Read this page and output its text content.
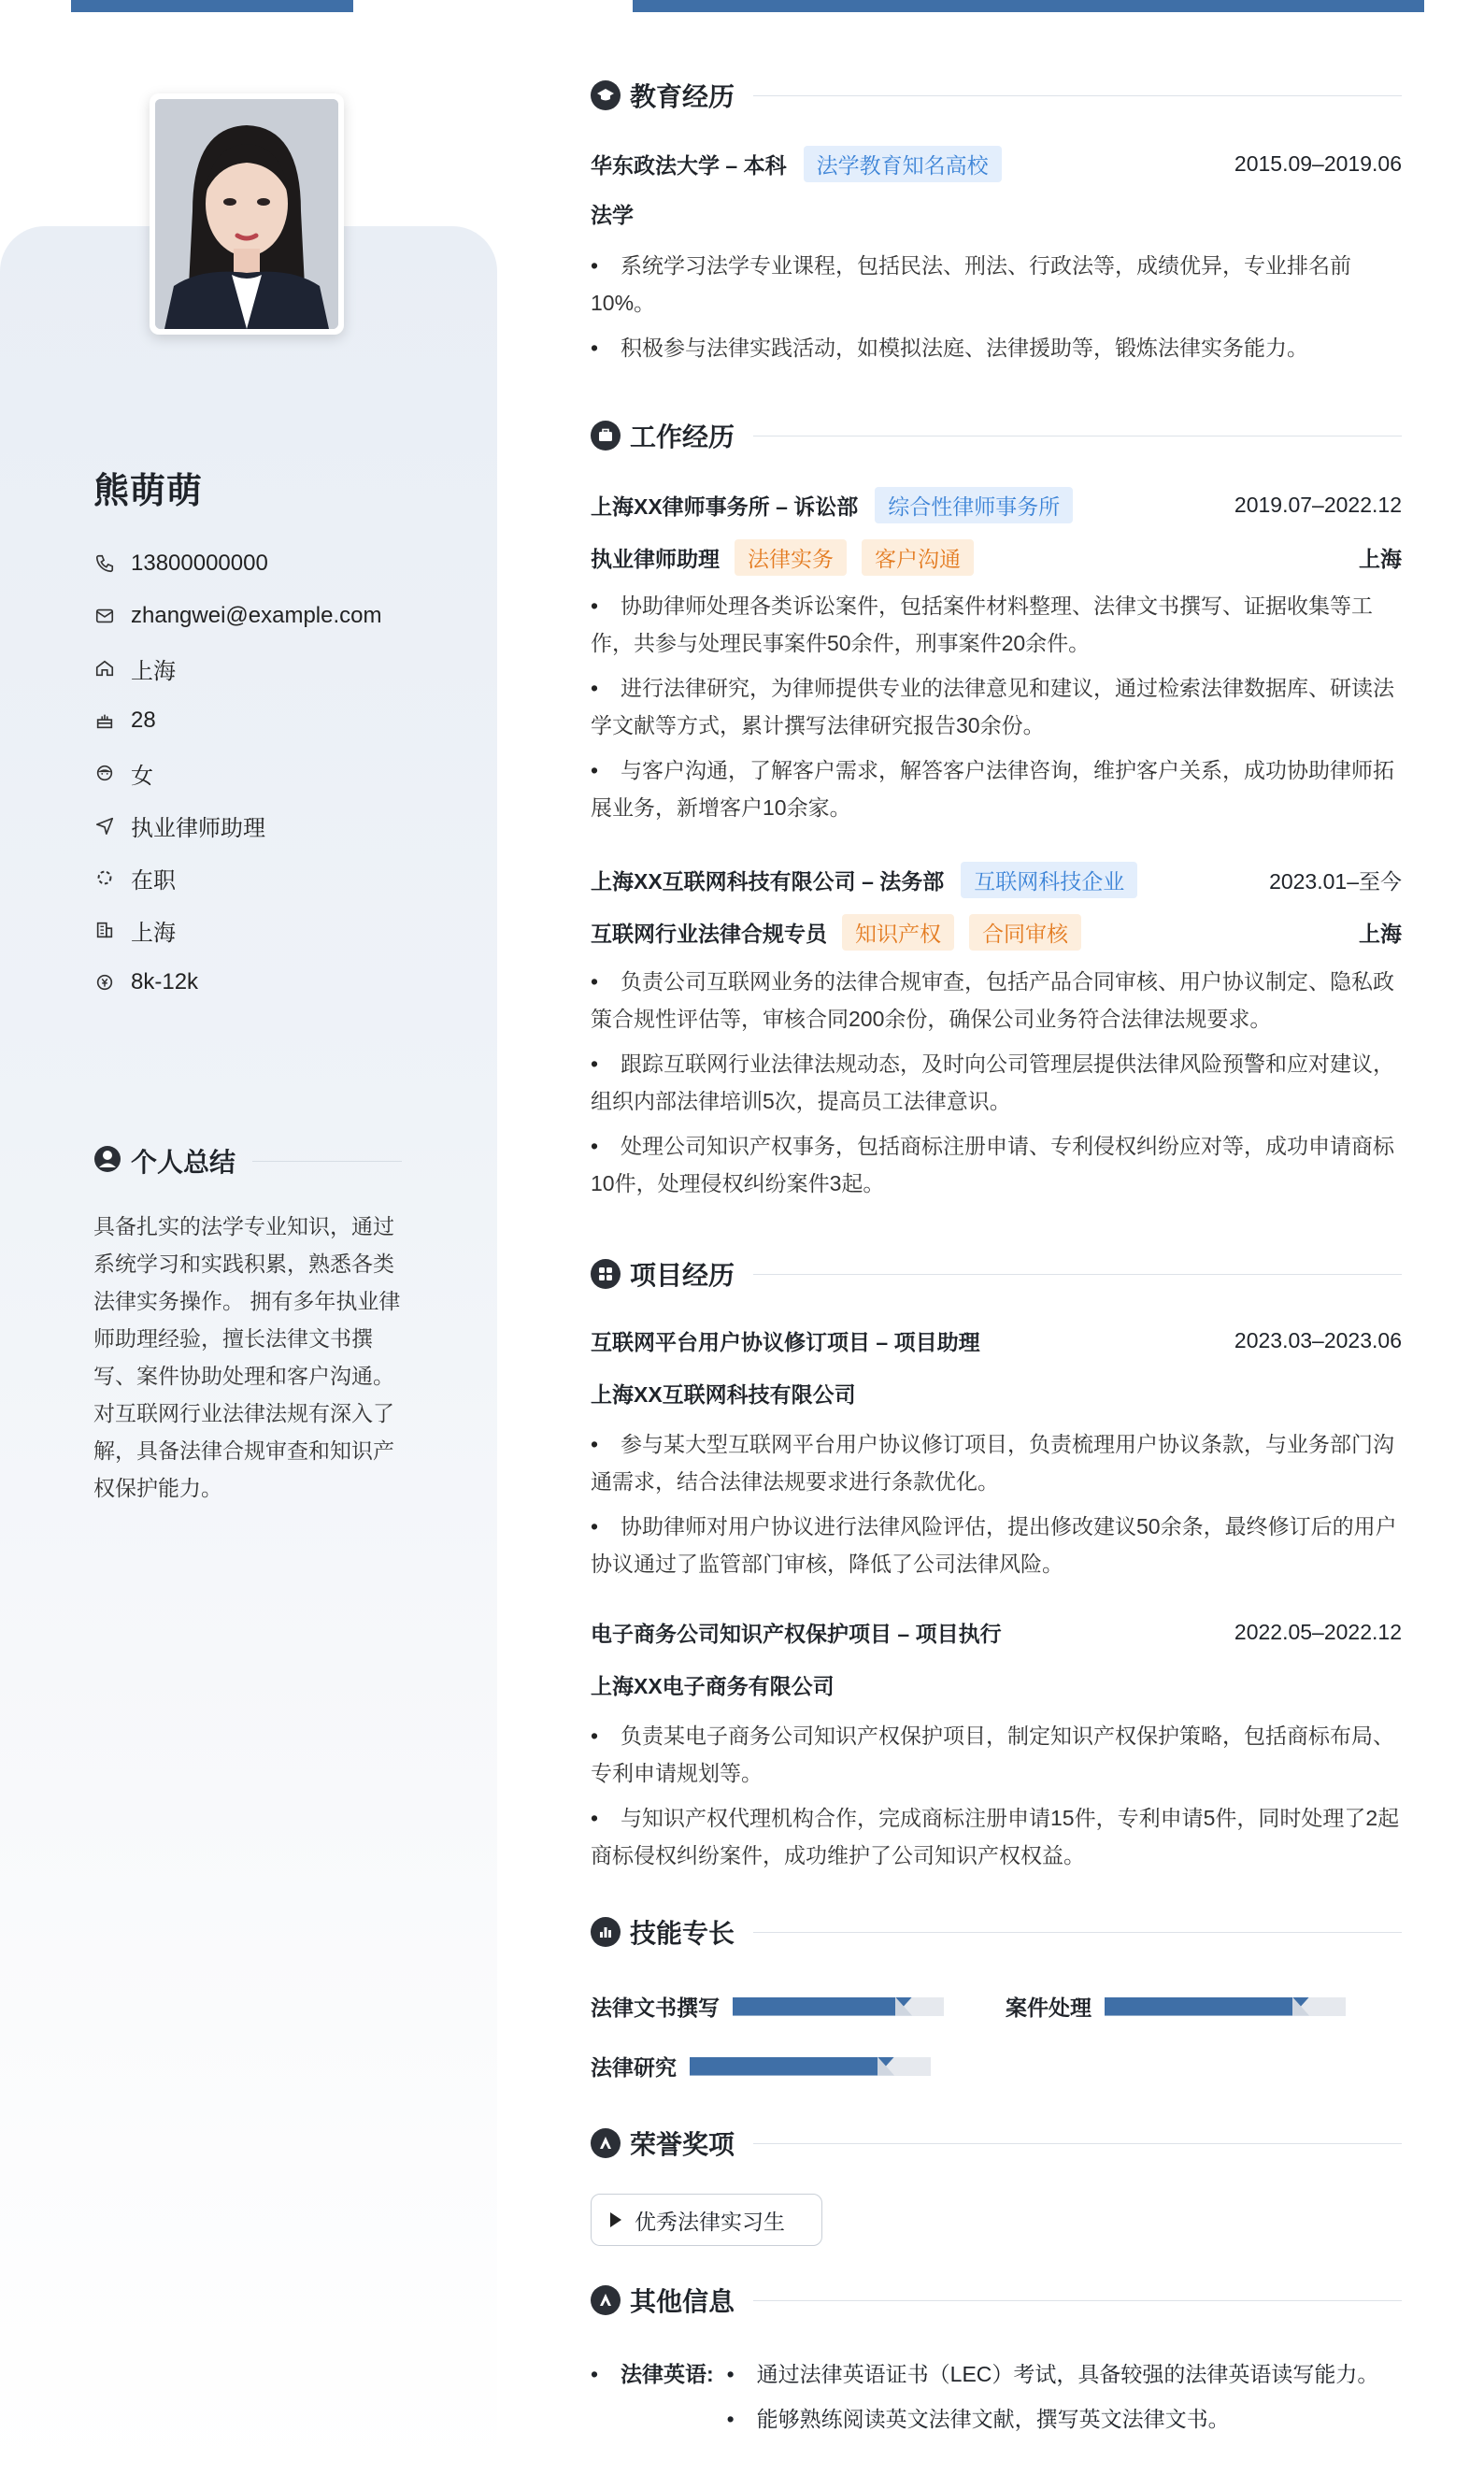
熊萌萌
13800000000
zhangwei@example.com
上海
28
女
执业律师助理
在职
上海
8k-12k
个人总结
具备扎实的法学专业知识，通过系统学习和实践积累，熟悉各类法律实务操作。 拥有多年执业律师助理经验，擅长法律文书撰写、案件协助处理和客户沟通。 对互联网行业法律法规有深入了解，具备法律合规审查和知识产权保护能力。
教育经历
华东政法大学 – 本科	法学教育知名高校	2015.09–2019.06
法学
• 系统学习法学专业课程，包括民法、刑法、行政法等，成绩优异，专业排名前10%。
• 积极参与法律实践活动，如模拟法庭、法律援助等，锻炼法律实务能力。
工作经历
上海XX律师事务所 – 诉讼部	综合性律师事务所	2019.07–2022.12
执业律师助理	法律实务	客户沟通	上海
• 协助律师处理各类诉讼案件，包括案件材料整理、法律文书撰写、证据收集等工作，共参与处理民事案件50余件，刑事案件20余件。
• 进行法律研究，为律师提供专业的法律意见和建议，通过检索法律数据库、研读法学文献等方式，累计撰写法律研究报告30余份。
• 与客户沟通，了解客户需求，解答客户法律咨询，维护客户关系，成功协助律师拓展业务，新增客户10余家。
上海XX互联网科技有限公司 – 法务部	互联网科技企业	2023.01–至今
互联网行业法律合规专员	知识产权	合同审核	上海
• 负责公司互联网业务的法律合规审查，包括产品合同审核、用户协议制定、隐私政策合规性评估等，审核合同200余份，确保公司业务符合法律法规要求。
• 跟踪互联网行业法律法规动态，及时向公司管理层提供法律风险预警和应对建议，组织内部法律培训5次，提高员工法律意识。
• 处理公司知识产权事务，包括商标注册申请、专利侵权纠纷应对等，成功申请商标10件，处理侵权纠纷案件3起。
项目经历
互联网平台用户协议修订项目 – 项目助理	2023.03–2023.06
上海XX互联网科技有限公司
• 参与某大型互联网平台用户协议修订项目，负责梳理用户协议条款，与业务部门沟通需求，结合法律法规要求进行条款优化。
• 协助律师对用户协议进行法律风险评估，提出修改建议50余条，最终修订后的用户协议通过了监管部门审核，降低了公司法律风险。
电子商务公司知识产权保护项目 – 项目执行	2022.05–2022.12
上海XX电子商务有限公司
• 负责某电子商务公司知识产权保护项目，制定知识产权保护策略，包括商标布局、专利申请规划等。
• 与知识产权代理机构合作，完成商标注册申请15件，专利申请5件，同时处理了2起商标侵权纠纷案件，成功维护了公司知识产权权益。
技能专长
法律文书撰写	案件处理
法律研究
荣誉奖项
优秀法律实习生
其他信息
•	法律英语: •	通过法律英语证书（LEC）考试，具备较强的法律英语读写能力。
•	能够熟练阅读英文法律文献，撰写英文法律文书。
